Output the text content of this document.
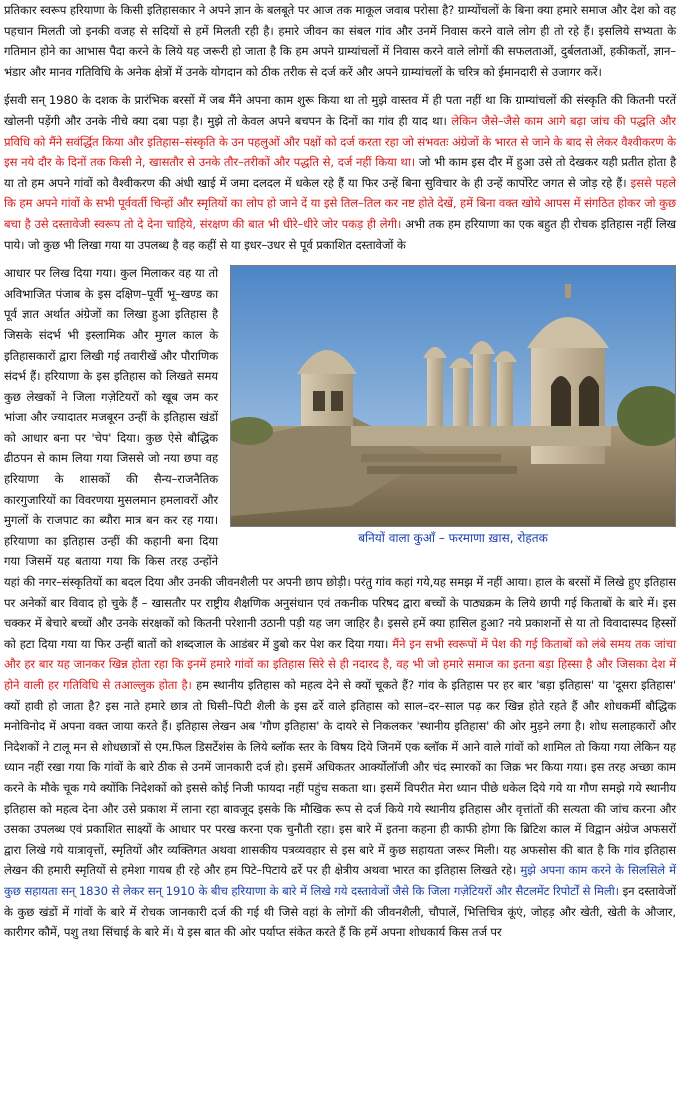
प्रतिकार स्वरूप हरियाणा के किसी इतिहासकार ने अपने ज्ञान के बलबूते पर आज तक माकूल जवाब परोसा है? ग्राम्योंचलों के बिना क्या हमारे समाज और देश को वह पहचान मिलती जो इनकी वजह से सदियों से हमें मिलती रही है। हमारे जीवन का संबल गांव और उनमें निवास करने वाले लोग ही तो रहे हैं। इसलिये सभ्यता के गतिमान होने का आभास पैदा करने के लिये यह जरूरी हो जाता है कि हम अपने ग्राम्यांचलों में निवास करने वाले लोगों की सफलताओं, दुर्बलताओं, हकीकतों, ज्ञान–भंडार और मानव गतिविधि के अनेक क्षेत्रों में उनके योगदान को ठीक तरीक से दर्ज करें और अपने ग्राम्यांचलों के चरित्र को ईमानदारी से उजागर करें।

ईसवी सन् 1980 के दशक के प्रारंभिक बरसों में जब मैंने अपना काम शुरू किया था तो मुझे वास्तव में ही पता नहीं था कि ग्राम्यांचलों की संस्कृति की कितनी परतें खोलनी पड़ेंगी और उनके नीचे क्या दबा पड़ा है। मुझे तो केवल अपने बचपन के दिनों का गांव ही याद था। लेकिन जैसे–जैसे काम आगे बढ़ा जांच की पद्धति और प्रविधि को मैंने सवंर्द्धित किया और इतिहास–संस्कृति के उन पहलुओं और पक्षों को दर्ज करता रहा जो संभवतः अंग्रेजों के भारत से जाने के बाद से लेकर वैश्वीकरण के इस नये दौर के दिनों तक किसी ने, खासतौर से उनके तौर–तरीकों और पद्धति से, दर्ज नहीं किया था। जो भी काम इस दौर में हुआ उसे तो देखकर यही प्रतीत होता है या तो हम अपने गांवों को वैश्वीकरण की अंधी खाई में जमा दलदल में धकेल रहे हैं या फिर उन्हें बिना सुविचार के ही उन्हें कार्पोरेट जगत से जोड़ रहे हैं। इससे पहले कि हम अपने गांवों के सभी पूर्ववर्ती चिन्हों और स्मृतियों का लोप हो जाने दें या इसे तिल–तिल कर नष्ट होते देखें, हमें बिना वक्त खोये आपस में संगठित होकर जो कुछ बचा है उसे दस्तावेजी स्वरूप तो दे देना चाहिये, संरक्षण की बात भी धीरे–धीरे जोर पकड़ ही लेगी। अभी तक हम हरियाणा का एक बहुत ही रोचक इतिहास नहीं लिख पाये। जो कुछ भी लिखा गया या उपलब्ध है वह कहीं से या इधर–उधर से पूर्व प्रकाशित दस्तावेजों के

बनियों वाला कुआँ – फरमाणा ख़ास, रोहतक

आधार पर लिख दिया गया। कुल मिलाकर वह या तो अविभाजित पंजाब के इस दक्षिण–पूर्वी भू–खण्ड का पूर्व ज्ञात अर्थात अंग्रेजों का लिखा हुआ इतिहास है जिसके संदर्भ भी इस्लामिक और मुगल काल के इतिहासकारों द्वारा लिखी गई तवारीखें और पौराणिक संदर्भ हैं। हरियाणा के इस इतिहास को लिखते समय कुछ लेखकों ने जिला गज़ेटियरों को खूब जम कर भांजा और ज्यादातर मजबूरन उन्हीं के इतिहास खंडों को आधार बना पर 'चेप' दिया। कुछ ऐसे बौद्धिक ढीठपन से काम लिया गया जिससे जो नया छपा वह हरियाणा के शासकों की सैन्य–राजनैतिक कारगुजारियों का विवरणया मुसलमान हमलावरों और मुगलों के राजपाट का ब्यौरा मात्र बन कर रह गया। हरियाणा का इतिहास उन्हीं की कहानी बना दिया गया जिसमें यह बताया गया कि किस तरह उन्होंने यहां की नगर–संस्कृतियों का बदल दिया और उनकी जीवनशैली पर अपनी छाप छोड़ी। परंतु गांव कहां गये,यह समझ में नहीं आया। हाल के बरसों में लिखे हुए इतिहास पर अनेकों बार विवाद हो चुके हैं – खासतौर पर राष्ट्रीय शैक्षणिक अनुसंधान एवं तकनीक परिषद द्वारा बच्चों के पाठ्यक्रम के लिये छापी गई किताबों के बारे में। इस चक्कर में बेचारे बच्चों और उनके संरक्षकों को कितनी परेशानी उठानी पड़ी यह जग जाहिर है। इससे हमें क्या हासिल हुआ? नये प्रकाशनों से या तो विवादास्पद हिस्सों को हटा दिया गया या फिर उन्हीं बातों को शब्दजाल के आडंबर में डुबो कर पेश कर दिया गया। मैंने इन सभी स्वरूपों में पेश की गई किताबों को लंबे समय तक जांचा और हर बार यह जानकर खिन्न होता रहा कि इनमें हमारे गांवों का इतिहास सिरे से ही नदारद है, वह भी जो हमारे समाज का इतना बड़ा हिस्सा है और जिसका देश में होने वाली हर गतिविधि से तआल्लुक होता है। हम स्थानीय इतिहास को महत्व देने से क्यों चूकते हैं? गांव के इतिहास पर हर बार 'बड़ा इतिहास' या 'दूसरा इतिहास' क्यों हावी हो जाता है? इस नाते हमारे छात्र तो घिसी–पिटी शैली के इस ढर्रे वाले इतिहास को साल–दर–साल पढ़ कर खिन्न होते रहते हैं और शोधकर्मी बौद्धिक मनोविनोद में अपना वक्त जाया करते हैं। इतिहास लेखन अब 'गौण इतिहास' के दायरे से निकलकर 'स्थानीय इतिहास' की ओर मुड़ने लगा है। शोध सलाहकारों और निदेशकों ने टालू मन से शोधछात्रों से एम.फिल डिसर्टेशंस के लिये ब्लॉक स्तर के विषय दिये जिनमें एक ब्लॉक में आने वाले गांवों को शामिल तो किया गया लेकिन यह ध्यान नहीं रखा गया कि गांवों के बारे ठीक से उनमें जानकारी दर्ज हो। इसमें अधिकतर आर्क्योलॉजी और चंद स्मारकों का जिक्र भर किया गया। इस तरह अच्छा काम करने के मौके चूक गये क्योंकि निदेशकों को इससे कोई निजी फायदा नहीं पहुंच सकता था। इसमें विपरीत मेरा ध्यान पीछे धकेल दिये गये या गौण समझे गये स्थानीय इतिहास को महत्व देना और उसे प्रकाश में लाना रहा बावजूद इसके कि मौखिक रूप से दर्ज किये गये स्थानीय इतिहास और वृत्तांतों की सत्यता की जांच करना और उसका उपलब्ध एवं प्रकाशित साक्ष्यों के आधार पर परख करना एक चुनौती रहा। इस बारे में इतना कहना ही काफी होगा कि ब्रिटिश काल में विद्वान अंग्रेज अफसरों द्वारा लिखे गये यात्रावृत्तों, स्मृतियों और व्यक्तिगत अथवा शासकीय पत्रव्यवहार से इस बारे में कुछ सहायता जरूर मिली। यह अफसोस की बात है कि गांव इतिहास लेखन की हमारी स्मृतियों से हमेशा गायब ही रहे और हम पिटे–पिटाये ढर्रे पर ही क्षेत्रीय अथवा भारत का इतिहास लिखते रहे। मुझे अपना काम करने के सिलसिले में कुछ सहायता सन् 1830 से लेकर सन् 1910 के बीच हरियाणा के बारे में लिखे गये दस्तावेजों जैसे कि जिला गज़ेटियरों और सैटलमेंट रिपोर्टों से मिली। इन दस्तावेजों के कुछ खंडों में गांवों के बारे में रोचक जानकारी दर्ज की गई थी जिसे वहां के लोगों की जीवनशैली, चौपालें, भित्तिचित्र कूंएं, जोहड़ और खेती, खेती के औजार, कारीगर कौमें, पशु तथा सिंचाई के बारे में। ये इस बात की ओर पर्याप्त संकेत करते हैं कि हमें अपना शोधकार्य किस तर्ज पर
